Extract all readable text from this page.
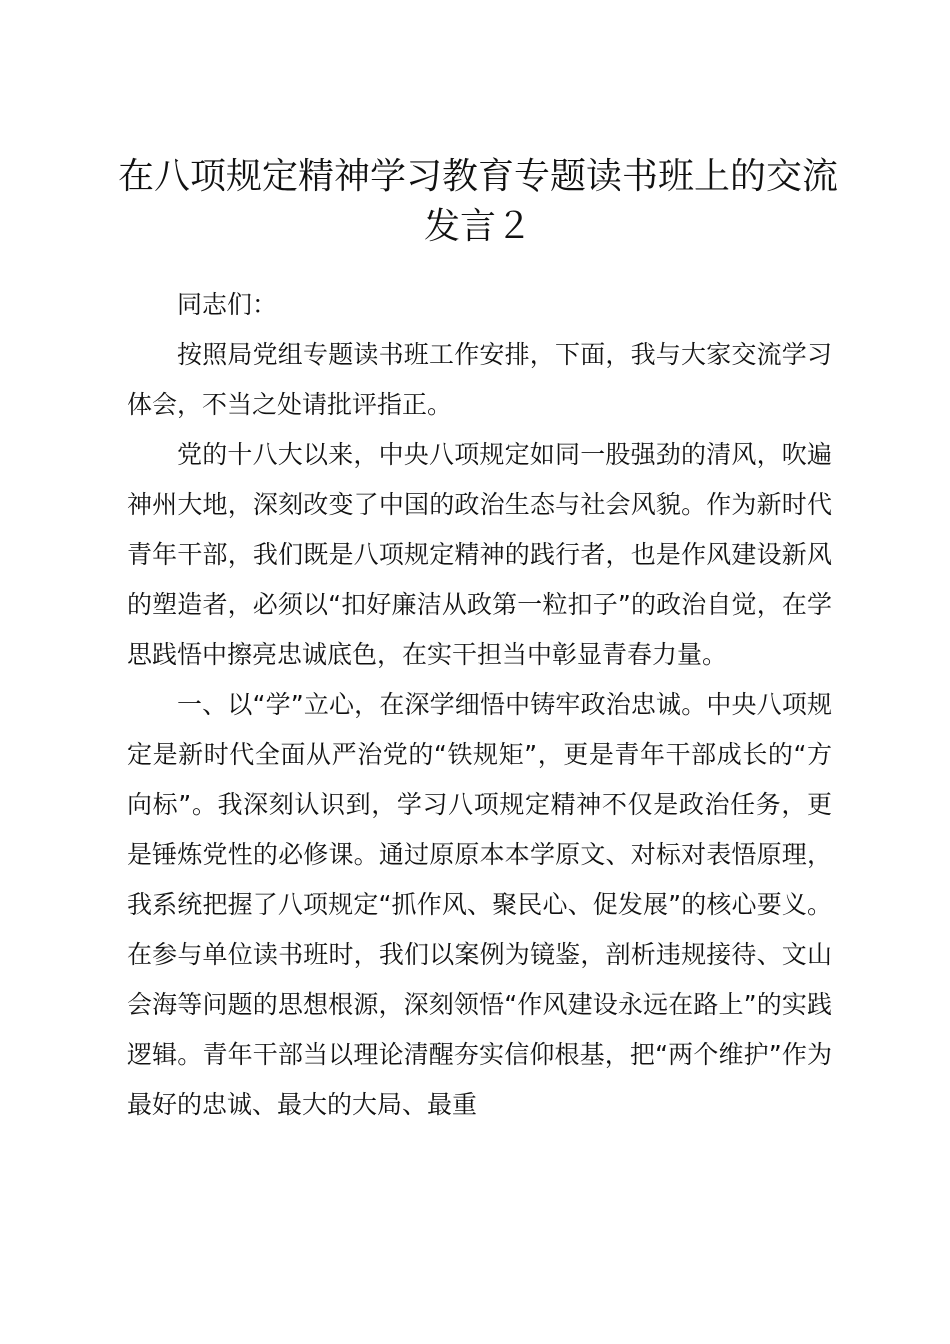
在八项规定精神学习教育专题读书班上的交流发言２

同志们：

按照局党组专题读书班工作安排，下面，我与大家交流学习体会，不当之处请批评指正。

党的十八大以来，中央八项规定如同一股强劲的清风，吹遍神州大地，深刻改变了中国的政治生态与社会风貌。作为新时代青年干部，我们既是八项规定精神的践行者，也是作风建设新风的塑造者，必须以“扣好廉洁从政第一粒扣子”的政治自觉，在学思践悟中擦亮忠诚底色，在实干担当中彰显青春力量。

一、以“学”立心，在深学细悟中铸牢政治忠诚。中央八项规定是新时代全面从严治党的“铁规矩”，更是青年干部成长的“方向标”。我深刻认识到，学习八项规定精神不仅是政治任务，更是锤炼党性的必修课。通过原原本本学原文、对标对表悟原理，我系统把握了八项规定“抓作风、聚民心、促发展”的核心要义。在参与单位读书班时，我们以案例为镜鉴，剖析违规接待、文山会海等问题的思想根源，深刻领悟“作风建设永远在路上”的实践逻辑。青年干部当以理论清醒夯实信仰根基，把“两个维护”作为最好的忠诚、最大的大局、最重
